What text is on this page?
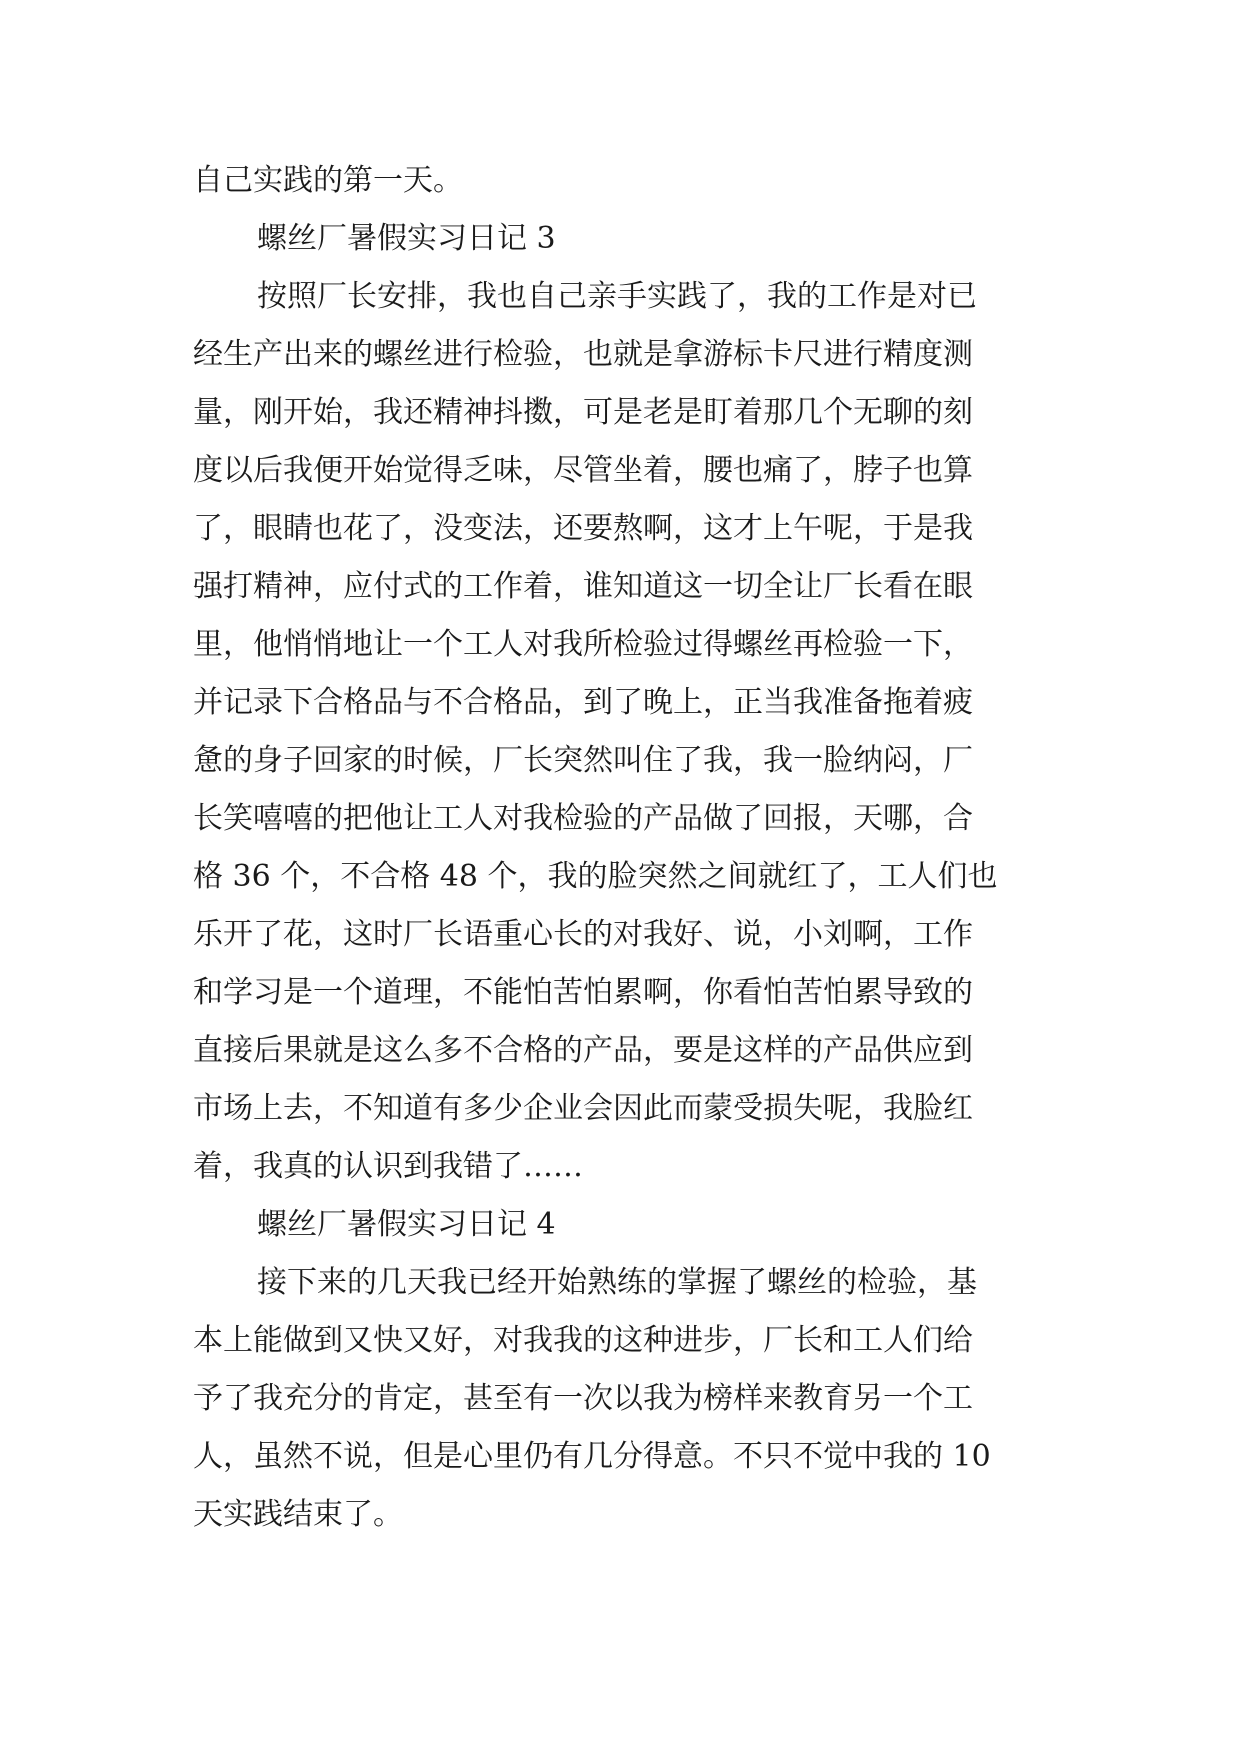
自己实践的第一天。
螺丝厂暑假实习日记 3
按照厂长安排，我也自己亲手实践了，我的工作是对已
经生产出来的螺丝进行检验，也就是拿游标卡尺进行精度测
量，刚开始，我还精神抖擞，可是老是盯着那几个无聊的刻
度以后我便开始觉得乏味，尽管坐着，腰也痛了，脖子也算
了，眼睛也花了，没变法，还要熬啊，这才上午呢，于是我
强打精神，应付式的工作着，谁知道这一切全让厂长看在眼
里，他悄悄地让一个工人对我所检验过得螺丝再检验一下，
并记录下合格品与不合格品，到了晚上，正当我准备拖着疲
惫的身子回家的时候，厂长突然叫住了我，我一脸纳闷，厂
长笑嘻嘻的把他让工人对我检验的产品做了回报，天哪，合
格 36 个，不合格 48 个，我的脸突然之间就红了，工人们也
乐开了花，这时厂长语重心长的对我好、说，小刘啊，工作
和学习是一个道理，不能怕苦怕累啊，你看怕苦怕累导致的
直接后果就是这么多不合格的产品，要是这样的产品供应到
市场上去，不知道有多少企业会因此而蒙受损失呢，我脸红
着，我真的认识到我错了……
螺丝厂暑假实习日记 4
接下来的几天我已经开始熟练的掌握了螺丝的检验，基
本上能做到又快又好，对我我的这种进步，厂长和工人们给
予了我充分的肯定，甚至有一次以我为榜样来教育另一个工
人，虽然不说，但是心里仍有几分得意。不只不觉中我的 10
天实践结束了。
